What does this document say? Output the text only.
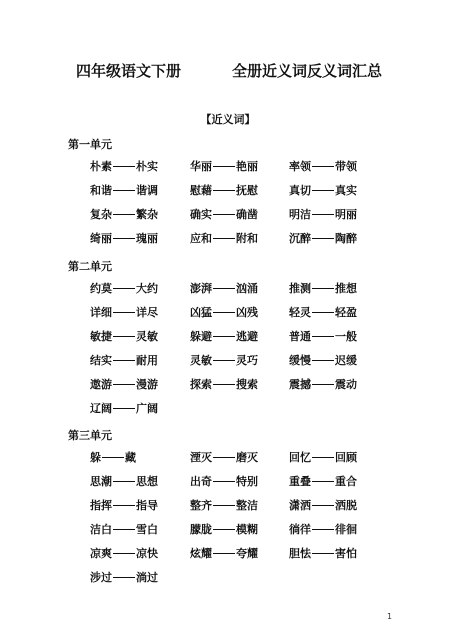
四年级语文下册	全册近义词反义词汇总
【近义词】
第一单元
朴素 朴实	华丽 艳丽	率领 带领
和谐 谐调	慰藉 抚慰	真切 真实
复杂 繁杂	确实 确凿	明洁 明丽
绮丽 瑰丽	应和 附和	沉醉 陶醉
第二单元
约莫 大约	澎湃 汹涌	推测 推想
详细 详尽	凶猛 凶残	轻灵 轻盈
敏捷 灵敏	躲避 逃避	普通 一般
结实 耐用	灵敏 灵巧	缓慢 迟缓
遨游 漫游	探索 搜索	震撼 震动
辽阔 广阔
第三单元
躲 藏	湮灭 磨灭	回忆 回顾
思潮 思想	出奇 特别	重叠 重合
指挥 指导	整齐 整洁	潇洒 洒脱
洁白 雪白	朦胧 模糊	徜徉 徘徊
凉爽 凉快	炫耀 夸耀	胆怯 害怕
涉过 淌过
1
